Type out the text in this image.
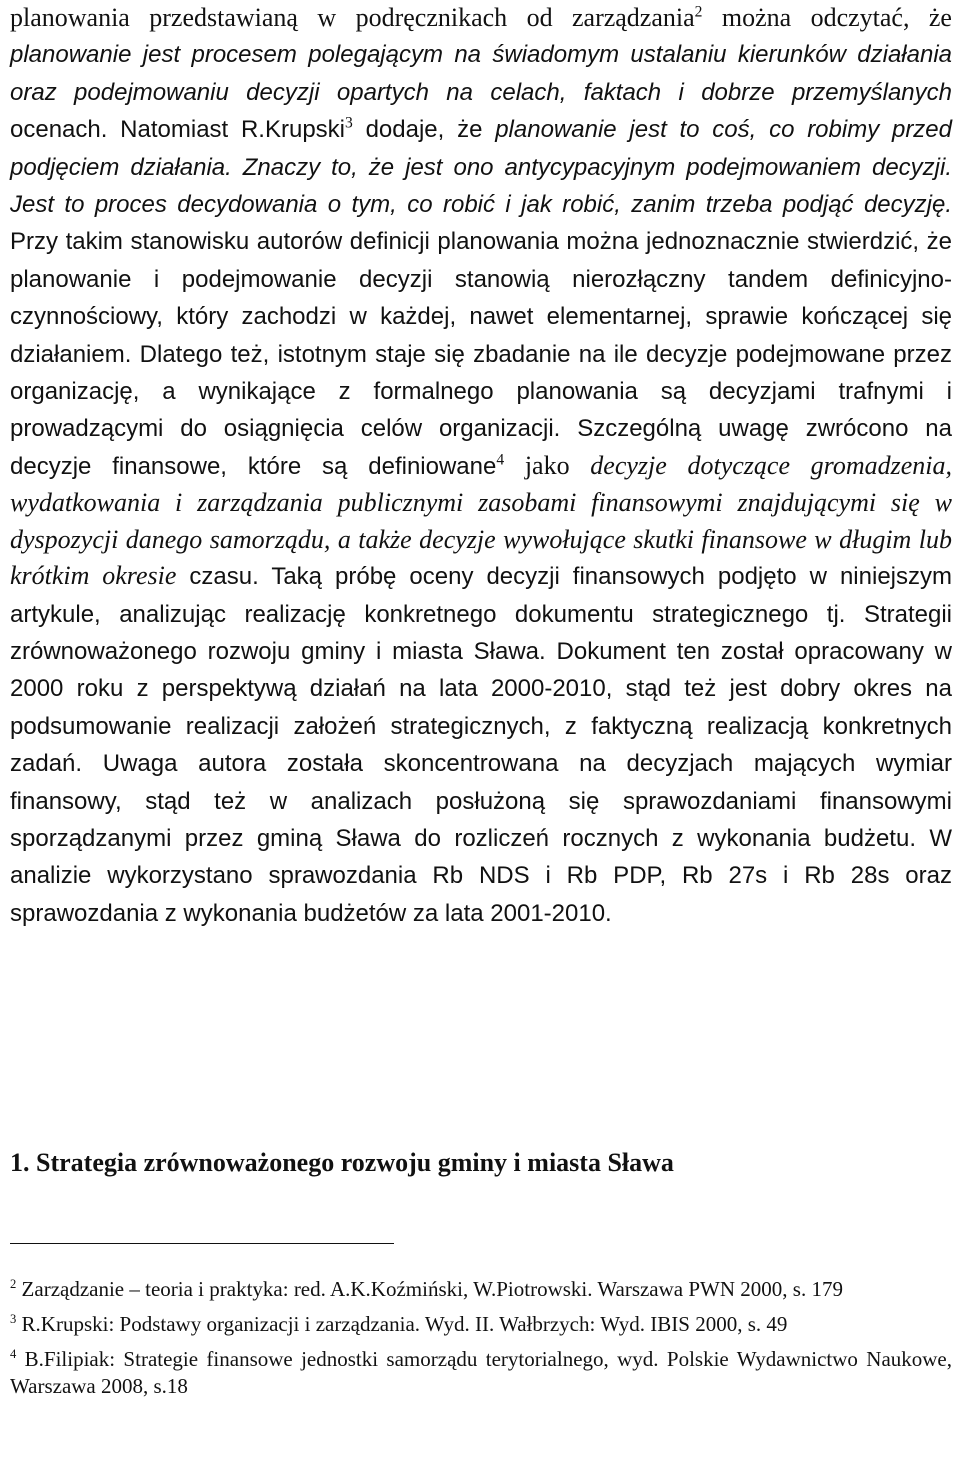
planowania przedstawianą w podręcznikach od zarządzania$^2$ można odczytać, że planowanie jest procesem polegającym na świadomym ustalaniu kierunków działania oraz podejmowaniu decyzji opartych na celach, faktach i dobrze przemyślanych ocenach. Natomiast R.Krupski$^3$ dodaje, że planowanie jest to coś, co robimy przed podjęciem działania. Znaczy to, że jest ono antycypacyjnym podejmowaniem decyzji. Jest to proces decydowania o tym, co robić i jak robić, zanim trzeba podjąć decyzję. Przy takim stanowisku autorów definicji planowania można jednoznacznie stwierdzić, że planowanie i podejmowanie decyzji stanowią nierozłączny tandem definicyjno-czynnościowy, który zachodzi w każdej, nawet elementarnej, sprawie kończącej się działaniem. Dlatego też, istotnym staje się zbadanie na ile decyzje podejmowane przez organizację, a wynikające z formalnego planowania są decyzjami trafnymi i prowadzącymi do osiągnięcia celów organizacji. Szczególną uwagę zwrócono na decyzje finansowe, które są definiowane$^4$ jako decyzje dotyczące gromadzenia, wydatkowania i zarządzania publicznymi zasobami finansowymi znajdującymi się w dyspozycji danego samorządu, a także decyzje wywołujące skutki finansowe w długim lub krótkim okresie czasu. Taką próbę oceny decyzji finansowych podjęto w niniejszym artykule, analizując realizację konkretnego dokumentu strategicznego tj. Strategii zrównoważonego rozwoju gminy i miasta Sława. Dokument ten został opracowany w 2000 roku z perspektywą działań na lata 2000-2010, stąd też jest dobry okres na podsumowanie realizacji założeń strategicznych, z faktyczną realizacją konkretnych zadań. Uwaga autora została skoncentrowana na decyzjach mających wymiar finansowy, stąd też w analizach posłużoną się sprawozdaniami finansowymi sporządzanymi przez gminą Sława do rozliczeń rocznych z wykonania budżetu. W analizie wykorzystano sprawozdania Rb NDS i Rb PDP, Rb 27s i Rb 28s oraz sprawozdania z wykonania budżetów za lata 2001-2010.

1. Strategia zrównoważonego rozwoju gminy i miasta Sława

$^2$ Zarządzanie – teoria i praktyka: red. A.K.Koźmiński, W.Piotrowski. Warszawa PWN 2000, s. 179

$^3$ R.Krupski: Podstawy organizacji i zarządzania. Wyd. II. Wałbrzych: Wyd. IBIS 2000, s. 49

$^4$ B.Filipiak: Strategie finansowe jednostki samorządu terytorialnego, wyd. Polskie Wydawnictwo Naukowe, Warszawa 2008, s.18
